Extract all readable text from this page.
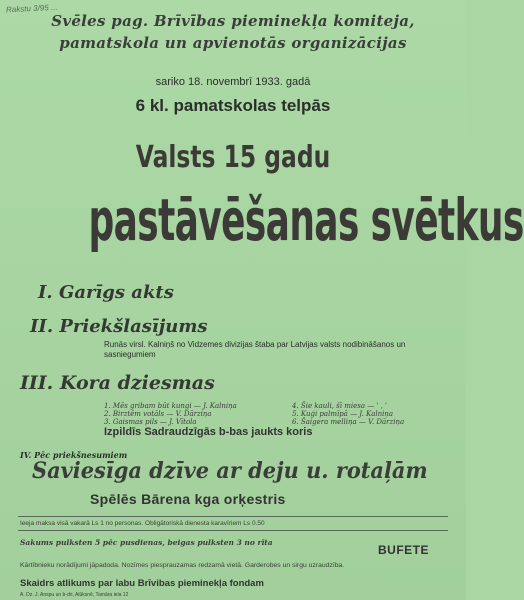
Rakstu 3/95 ...
Svēles pag. Brīvības pieminekļa komiteja,
pamatskola un apvienotās organizācijas
sariko 18. novembrī 1933. gadā
6 kl. pamatskolas telpās
Valsts 15 gadu
pastāvēšanas svētkus
I. Garīgs akts
II. Priekšlasījums
Runās virsl. Kalniņš no Vidzemes divizijas štaba par Latvijas valsts nodibināšanos un sasniegumiem
III. Kora dziesmas
1. Mēs gribam būt kungi — J. Kalniņa
2. Birztēm votāls — V. Dārziņa
3. Gaismas pils — J. Vītola
4. Šie kauli, šī miesa — ' , '
5. Kuģi palmīpā — J. Kalniņa
6. Šaigera melliņa — V. Dārziņa
Izpildīs Sadraudzīgās b-bas jaukts koris
IV. Pēc priekšnesumiem
Saviesīga dzīve ar deju u. rotaļām
Spēlēs Bārena kga orķestris
Ieeja maksa visā vakarā Ls 1 no personas. Obligātoriskā dienesta karavīriem Ls 0.50
Sakums pulksten 5 pēc pusdienas, beigas pulksten 3 no rīta
BUFETE
Kārtībnieku norādījumi jāpadoda. Nozīmes piesprauzamas redzamā vietā. Garderobes un sirgu uzraudzība.
Skaidrs atlikums par labu Brīvibas pieminekļa fondam
A. Dz. J. Anspu un b-dri, Alūksnē, Tamāra iela 12
